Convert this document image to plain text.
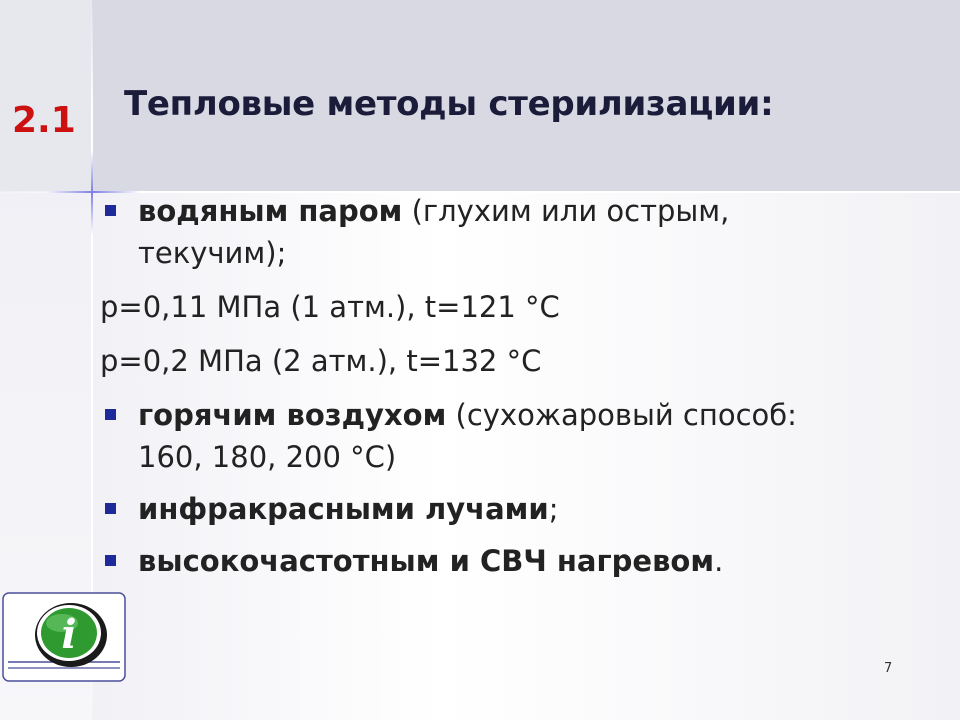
2.1 Тепловые методы стерилизации:
водяным паром (глухим или острым,
текучим);
р=0,11 МПа (1 атм.), t=121 °С
р=0,2 МПа (2 атм.), t=132 °С
горячим воздухом (сухожаровый способ:
160, 180, 200 °С)
инфракрасными лучами;
высокочастотным и СВЧ нагревом.
i
7
